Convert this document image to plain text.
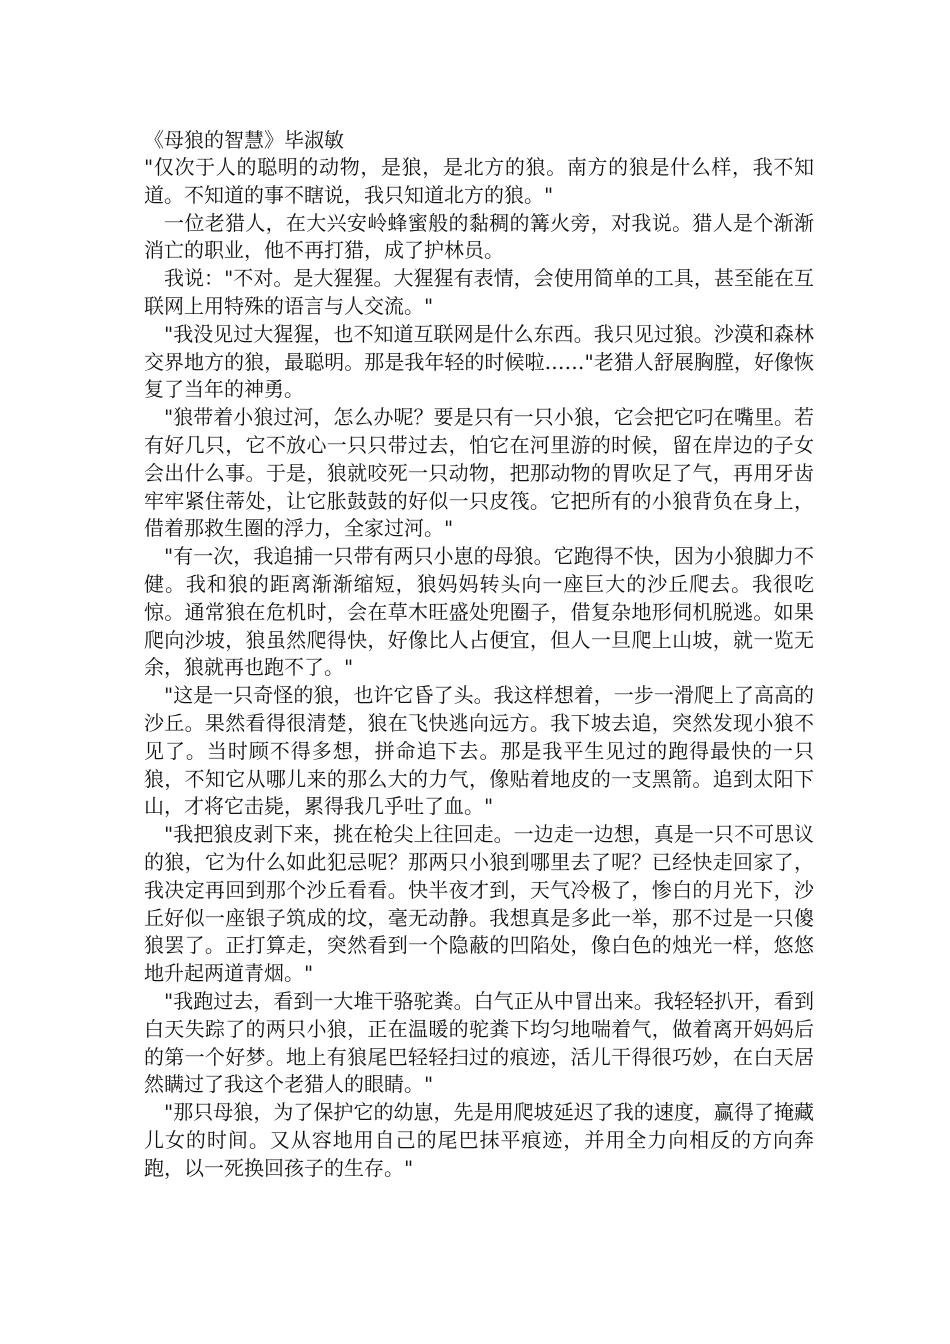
《母狼的智慧》毕淑敏

"仅次于人的聪明的动物，是狼，是北方的狼。南方的狼是什么样，我不知道。不知道的事不瞎说，我只知道北方的狼。"

一位老猎人，在大兴安岭蜂蜜般的黏稠的篝火旁，对我说。猎人是个渐渐消亡的职业，他不再打猎，成了护林员。

我说："不对。是大猩猩。大猩猩有表情，会使用简单的工具，甚至能在互联网上用特殊的语言与人交流。"

"我没见过大猩猩，也不知道互联网是什么东西。我只见过狼。沙漠和森林交界地方的狼，最聪明。那是我年轻的时候啦……"老猎人舒展胸膛，好像恢复了当年的神勇。

"狼带着小狼过河，怎么办呢？要是只有一只小狼，它会把它叼在嘴里。若有好几只，它不放心一只只带过去，怕它在河里游的时候，留在岸边的子女会出什么事。于是，狼就咬死一只动物，把那动物的胃吹足了气，再用牙齿牢牢紧住蒂处，让它胀鼓鼓的好似一只皮筏。它把所有的小狼背负在身上，借着那救生圈的浮力，全家过河。"

"有一次，我追捕一只带有两只小崽的母狼。它跑得不快，因为小狼脚力不健。我和狼的距离渐渐缩短，狼妈妈转头向一座巨大的沙丘爬去。我很吃惊。通常狼在危机时，会在草木旺盛处兜圈子，借复杂地形伺机脱逃。如果爬向沙坡，狼虽然爬得快，好像比人占便宜，但人一旦爬上山坡，就一览无余，狼就再也跑不了。"

"这是一只奇怪的狼，也许它昏了头。我这样想着，一步一滑爬上了高高的沙丘。果然看得很清楚，狼在飞快逃向远方。我下坡去追，突然发现小狼不见了。当时顾不得多想，拼命追下去。那是我平生见过的跑得最快的一只狼，不知它从哪儿来的那么大的力气，像贴着地皮的一支黑箭。追到太阳下山，才将它击毙，累得我几乎吐了血。"

"我把狼皮剥下来，挑在枪尖上往回走。一边走一边想，真是一只不可思议的狼，它为什么如此犯忌呢？那两只小狼到哪里去了呢？已经快走回家了，我决定再回到那个沙丘看看。快半夜才到，天气冷极了，惨白的月光下，沙丘好似一座银子筑成的坟，毫无动静。我想真是多此一举，那不过是一只傻狼罢了。正打算走，突然看到一个隐蔽的凹陷处，像白色的烛光一样，悠悠地升起两道青烟。"

"我跑过去，看到一大堆干骆驼粪。白气正从中冒出来。我轻轻扒开，看到白天失踪了的两只小狼，正在温暖的驼粪下均匀地喘着气，做着离开妈妈后的第一个好梦。地上有狼尾巴轻轻扫过的痕迹，活儿干得很巧妙，在白天居然瞒过了我这个老猎人的眼睛。"

"那只母狼，为了保护它的幼崽，先是用爬坡延迟了我的速度，赢得了掩藏儿女的时间。又从容地用自己的尾巴抹平痕迹，并用全力向相反的方向奔跑，以一死换回孩子的生存。"
